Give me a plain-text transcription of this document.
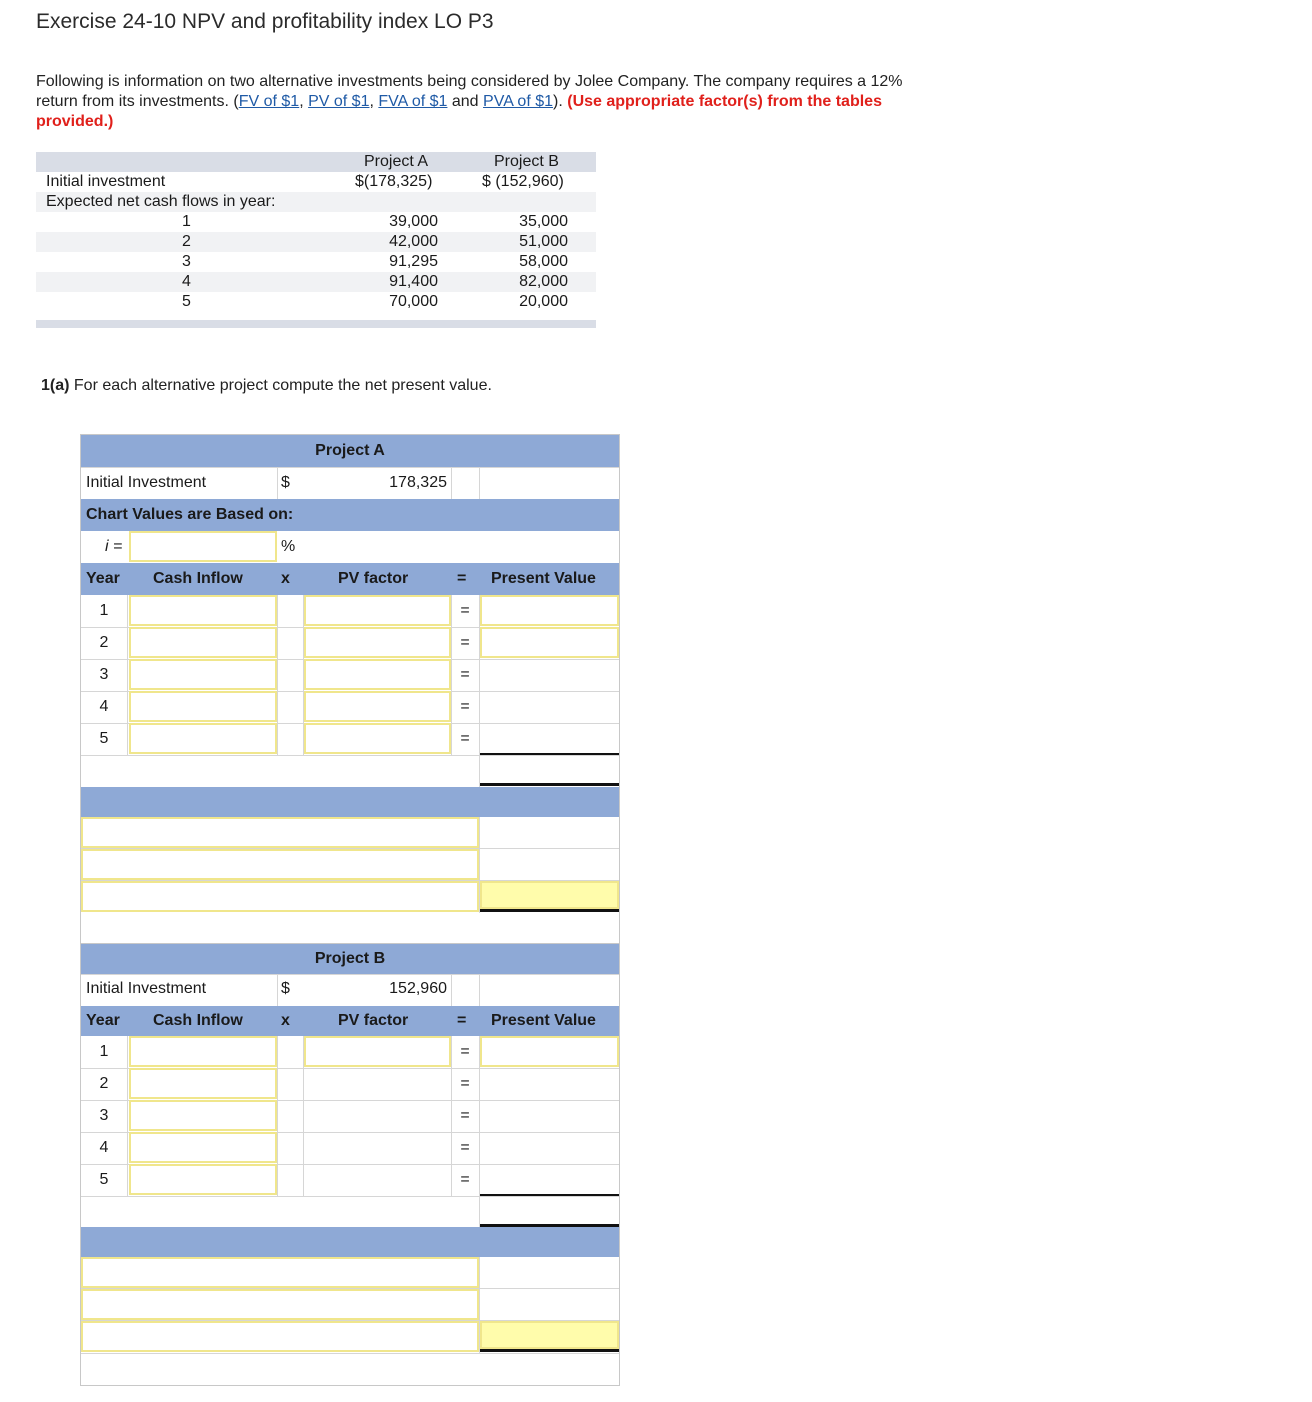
Exercise 24-10 NPV and profitability index LO P3
Following is information on two alternative investments being considered by Jolee Company. The company requires a 12% return from its investments. (FV of $1, PV of $1, FVA of $1 and PVA of $1). (Use appropriate factor(s) from the tables provided.)
Project A	Project B
Initial investment	$(178,325)	$ (152,960)
Expected net cash flows in year:
1	39,000	35,000
2	42,000	51,000
3	91,295	58,000
4	91,400	82,000
5	70,000	20,000
1(a) For each alternative project compute the net present value.
Project A
Initial Investment	$	178,325
Chart Values are Based on:
i =	%
Year Cash Inflow x	PV factor	= Present Value
1	=
2	=
3	=
4	=
5	=
Project B
Initial Investment	$	152,960
Year Cash Inflow x	PV factor	= Present Value
1	=
2	=
3	=
4	=
5	=
